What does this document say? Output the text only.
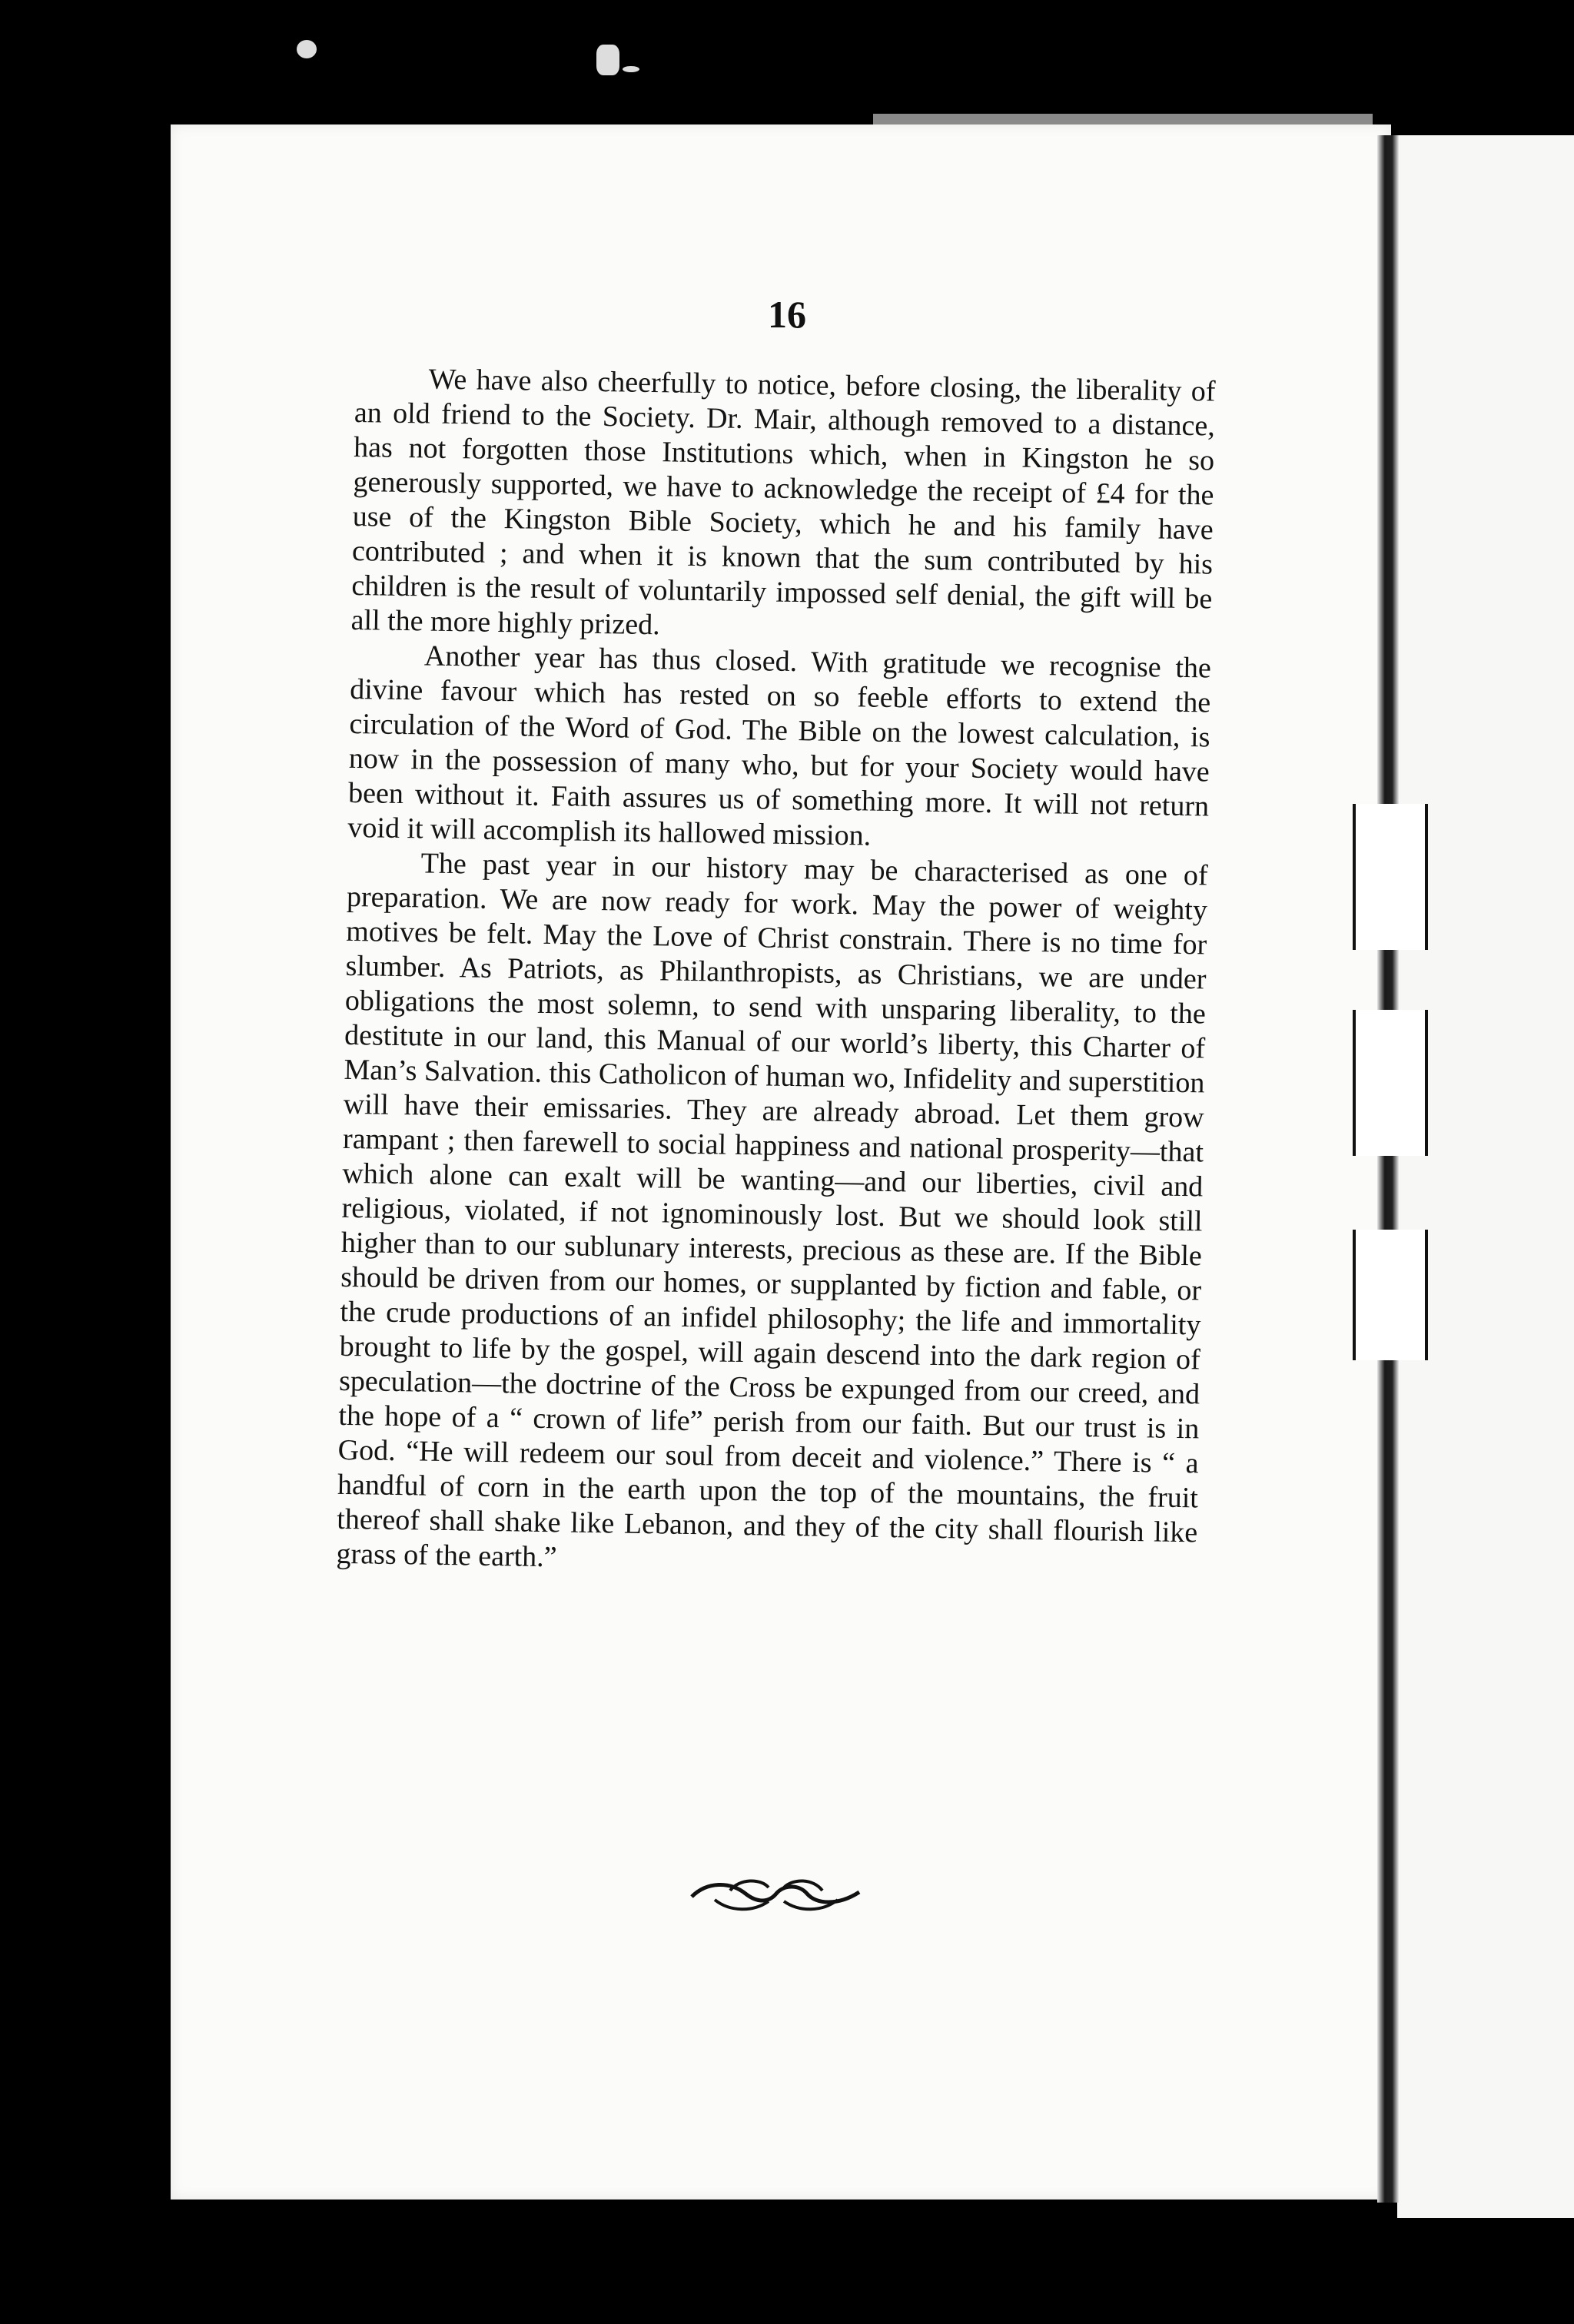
16

We have also cheerfully to notice, before closing, the liberality of an old friend to the Society. Dr. Mair, although removed to a distance, has not forgotten those Institutions which, when in Kingston he so generously supported, we have to acknowledge the receipt of £4 for the use of the Kingston Bible Society, which he and his family have contributed ; and when it is known that the sum contributed by his children is the result of voluntarily impossed self denial, the gift will be all the more highly prized.

Another year has thus closed. With gratitude we recognise the divine favour which has rested on so feeble efforts to extend the circulation of the Word of God. The Bible on the lowest calculation, is now in the possession of many who, but for your Society would have been without it. Faith assures us of something more. It will not return void it will accomplish its hallowed mission.

The past year in our history may be characterised as one of preparation. We are now ready for work. May the power of weighty motives be felt. May the Love of Christ constrain. There is no time for slumber. As Patriots, as Philanthropists, as Christians, we are under obligations the most solemn, to send with unsparing liberality, to the destitute in our land, this Manual of our world’s liberty, this Charter of Man’s Salvation. this Catholicon of human wo, Infidelity and superstition will have their emissaries. They are already abroad. Let them grow rampant ; then farewell to social happiness and national prosperity—that which alone can exalt will be wanting—and our liberties, civil and religious, violated, if not ignominously lost. But we should look still higher than to our sublunary interests, precious as these are. If the Bible should be driven from our homes, or supplanted by fiction and fable, or the crude productions of an infidel philosophy; the life and immortality brought to life by the gospel, will again descend into the dark region of speculation—the doctrine of the Cross be expunged from our creed, and the hope of a “ crown of life” perish from our faith. But our trust is in God. “He will redeem our soul from deceit and violence.” There is “ a handful of corn in the earth upon the top of the mountains, the fruit thereof shall shake like Lebanon, and they of the city shall flourish like grass of the earth.”
